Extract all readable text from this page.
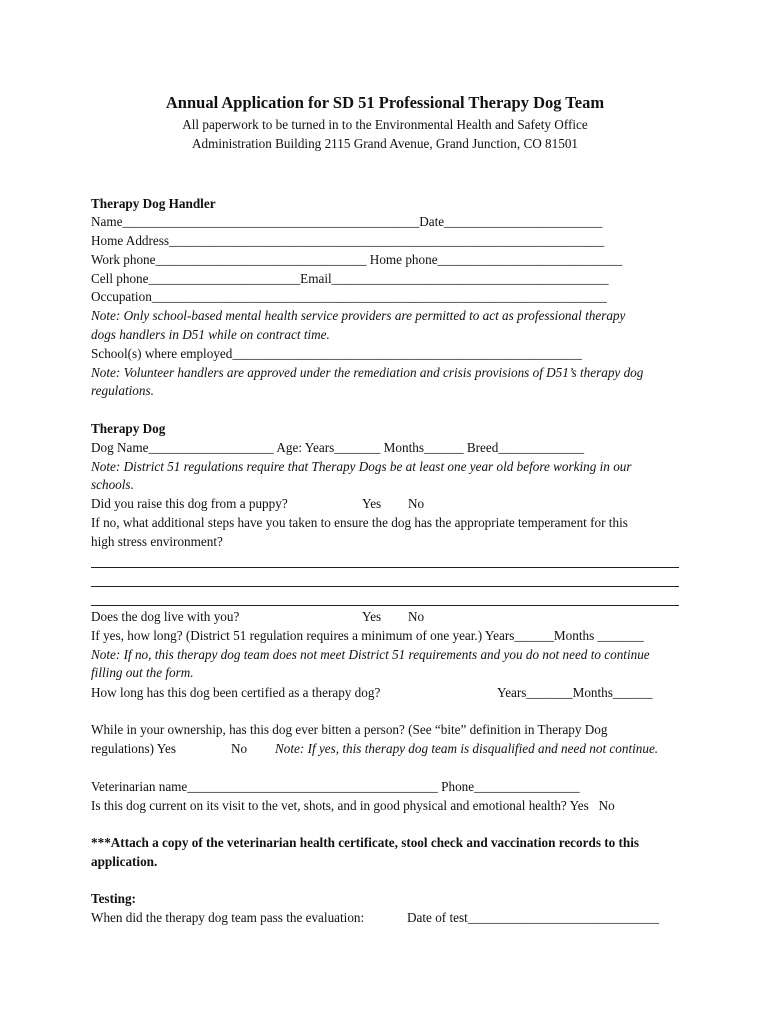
Annual Application for SD 51 Professional Therapy Dog Team
All paperwork to be turned in to the Environmental Health and Safety Office
Administration Building 2115 Grand Avenue, Grand Junction, CO 81501
Therapy Dog Handler
Name_____________________________________________Date________________________
Home Address__________________________________________________________________
Work phone________________________________ Home phone____________________________
Cell phone_______________________Email__________________________________________
Occupation_____________________________________________________________________
Note: Only school-based mental health service providers are permitted to act as professional therapy
dogs handlers in D51 while on contract time.
School(s) where employed_____________________________________________________
Note: Volunteer handlers are approved under the remediation and crisis provisions of D51’s therapy dog
regulations.
Therapy Dog
Dog Name___________________ Age: Years_______ Months______ Breed_____________
Note: District 51 regulations require that Therapy Dogs be at least one year old before working in our
schools.
Did you raise this dog from a puppy?	Yes No
If no, what additional steps have you taken to ensure the dog has the appropriate temperament for this
high stress environment?
Does the dog live with you?	Yes No
If yes, how long? (District 51 regulation requires a minimum of one year.) Years______Months _______
Note: If no, this therapy dog team does not meet District 51 requirements and you do not need to continue
filling out the form.
How long has this dog been certified as a therapy dog?	Years_______Months______
While in your ownership, has this dog ever bitten a person? (See “bite” definition in Therapy Dog
regulations) Yes	No Note: If yes, this therapy dog team is disqualified and need not continue.
Veterinarian name______________________________________ Phone________________
Is this dog current on its visit to the vet, shots, and in good physical and emotional health? Yes   No
***Attach a copy of the veterinarian health certificate, stool check and vaccination records to this
application.
Testing:
When did the therapy dog team pass the evaluation:	Date of test_____________________________
